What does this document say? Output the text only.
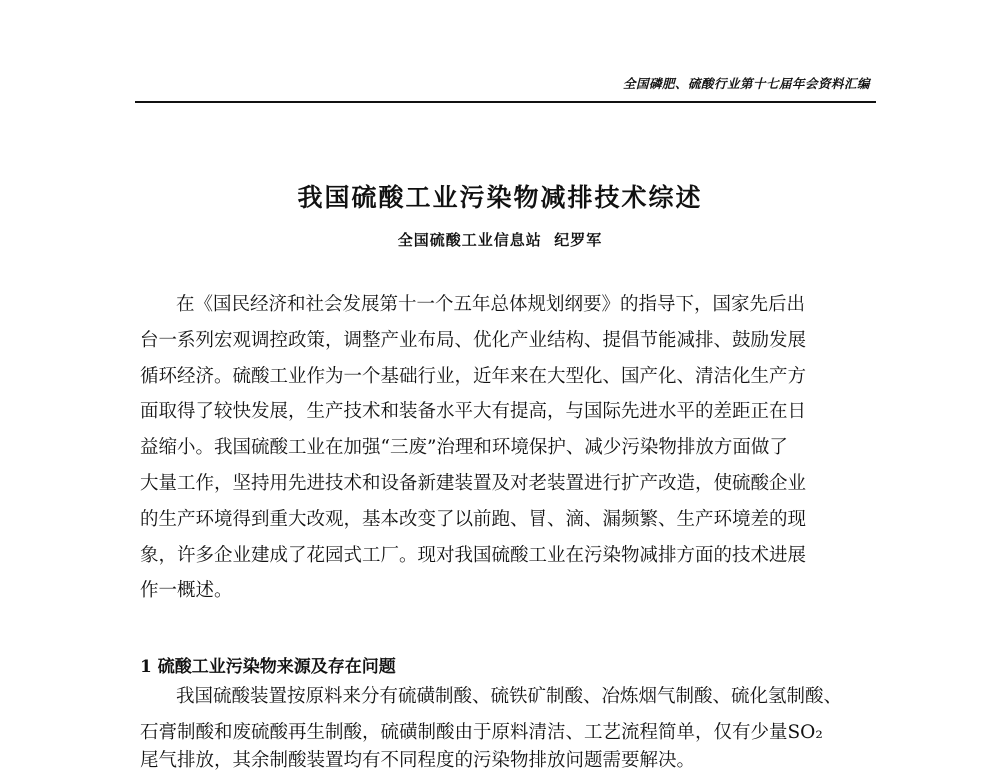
全国磷肥、硫酸行业第十七届年会资料汇编
我国硫酸工业污染物减排技术综述
全国硫酸工业信息站  纪罗军
在《国民经济和社会发展第十一个五年总体规划纲要》的指导下，国家先后出
台一系列宏观调控政策，调整产业布局、优化产业结构、提倡节能减排、鼓励发展
循环经济。硫酸工业作为一个基础行业，近年来在大型化、国产化、清洁化生产方
面取得了较快发展，生产技术和装备水平大有提高，与国际先进水平的差距正在日
益缩小。我国硫酸工业在加强“三废”治理和环境保护、减少污染物排放方面做了
大量工作，坚持用先进技术和设备新建装置及对老装置进行扩产改造，使硫酸企业
的生产环境得到重大改观，基本改变了以前跑、冒、滴、漏频繁、生产环境差的现
象，许多企业建成了花园式工厂。现对我国硫酸工业在污染物减排方面的技术进展
作一概述。
1 硫酸工业污染物来源及存在问题
我国硫酸装置按原料来分有硫磺制酸、硫铁矿制酸、冶炼烟气制酸、硫化氢制酸、
石膏制酸和废硫酸再生制酸，硫磺制酸由于原料清洁、工艺流程简单，仅有少量SO₂
尾气排放，其余制酸装置均有不同程度的污染物排放问题需要解决。
